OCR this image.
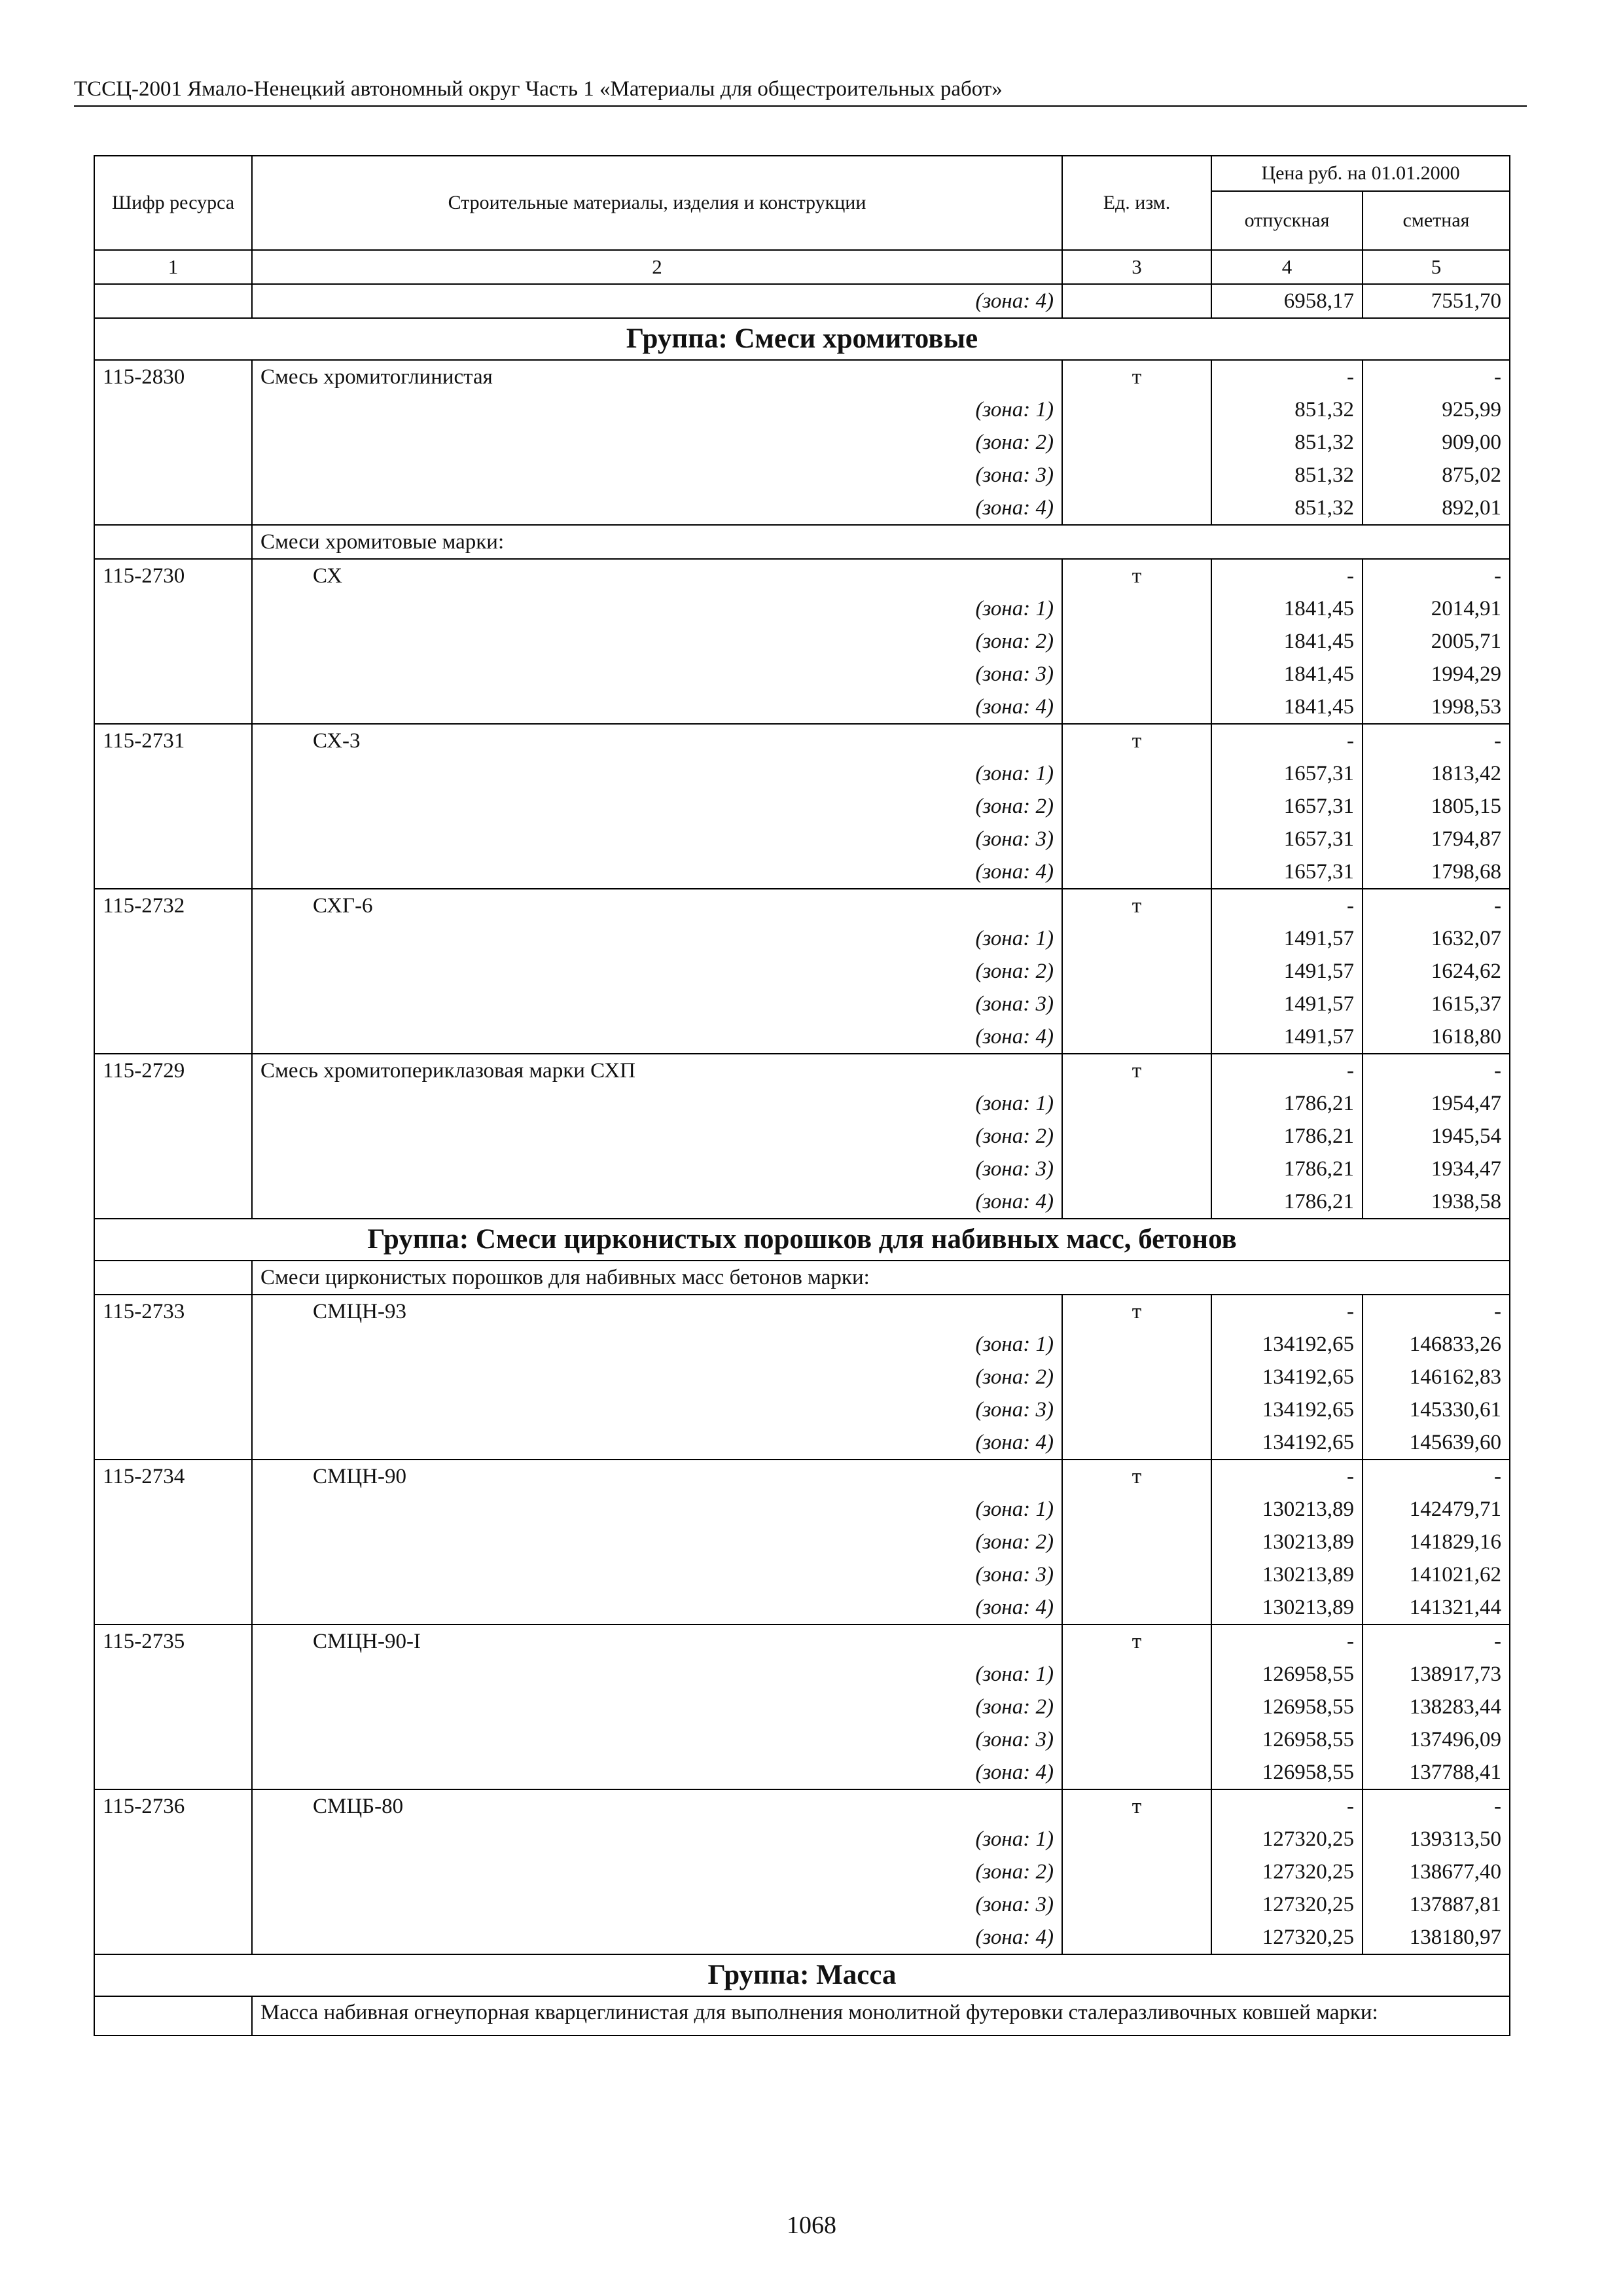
ТССЦ-2001 Ямало-Ненецкий автономный округ Часть 1 «Материалы для общестроительных работ»
Шифр ресурса	Строительные материалы, изделия и конструкции	Ед. изм.	Цена руб. на 01.01.2000	
			отпускная	сметная
1	2	3	4	5
	(зона: 4)		6958,17	7551,70
Группа: Смеси хромитовые				
115-2830	Смесь хромитоглинистая	т	-	-
	(зона: 1)		851,32	925,99
	(зона: 2)		851,32	909,00
	(зона: 3)		851,32	875,02
	(зона: 4)		851,32	892,01
	Смеси хромитовые марки:			
115-2730	СХ	т	-	-
	(зона: 1)		1841,45	2014,91
	(зона: 2)		1841,45	2005,71
	(зона: 3)		1841,45	1994,29
	(зона: 4)		1841,45	1998,53
115-2731	СХ-3	т	-	-
	(зона: 1)		1657,31	1813,42
	(зона: 2)		1657,31	1805,15
	(зона: 3)		1657,31	1794,87
	(зона: 4)		1657,31	1798,68
115-2732	СХГ-6	т	-	-
	(зона: 1)		1491,57	1632,07
	(зона: 2)		1491,57	1624,62
	(зона: 3)		1491,57	1615,37
	(зона: 4)		1491,57	1618,80
115-2729	Смесь хромитопериклазовая марки СХП	т	-	-
	(зона: 1)		1786,21	1954,47
	(зона: 2)		1786,21	1945,54
	(зона: 3)		1786,21	1934,47
	(зона: 4)		1786,21	1938,58
Группа: Смеси цирконистых порошков для набивных масс, бетонов				
	Смеси цирконистых порошков для набивных масс бетонов марки:			
115-2733	СМЦН-93	т	-	-
	(зона: 1)		134192,65	146833,26
	(зона: 2)		134192,65	146162,83
	(зона: 3)		134192,65	145330,61
	(зона: 4)		134192,65	145639,60
115-2734	СМЦН-90	т	-	-
	(зона: 1)		130213,89	142479,71
	(зона: 2)		130213,89	141829,16
	(зона: 3)		130213,89	141021,62
	(зона: 4)		130213,89	141321,44
115-2735	СМЦН-90-I	т	-	-
	(зона: 1)		126958,55	138917,73
	(зона: 2)		126958,55	138283,44
	(зона: 3)		126958,55	137496,09
	(зона: 4)		126958,55	137788,41
115-2736	СМЦБ-80	т	-	-
	(зона: 1)		127320,25	139313,50
	(зона: 2)		127320,25	138677,40
	(зона: 3)		127320,25	137887,81
	(зона: 4)		127320,25	138180,97
Группа: Масса				
	Масса набивная огнеупорная кварцеглинистая для выполнения монолитной футеровки сталеразливочных ковшей марки:			
1068
